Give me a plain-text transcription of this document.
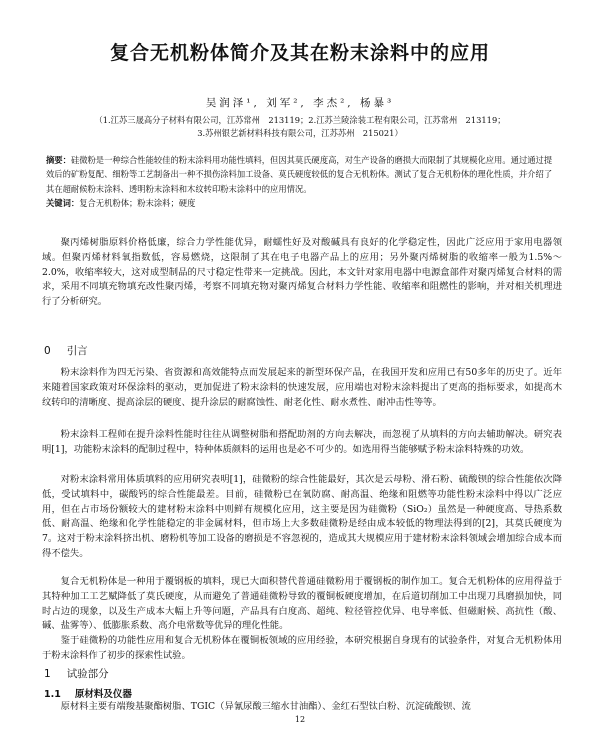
复合无机粉体简介及其在粉末涂料中的应用
吴润泽¹, 刘军², 李杰², 杨暴³
（1.江苏三晟高分子材料有限公司，江苏常州　213119；2.江苏兰陵涂装工程有限公司，江苏常州　213119；
3.苏州银艺新材料科技有限公司，江苏苏州　215021）
摘要：硅微粉是一种综合性能较佳的粉末涂料用功能性填料，但因其莫氏硬度高，对生产设备的磨损大而限制了其规模化应用。通过通过提效后的矿粉复配、细粉等工艺制备出一种不损伤涂料加工设备、莫氏硬度较低的复合无机粉体。测试了复合无机粉体的理化性质，并介绍了其在超耐候粉末涂料、透明粉末涂料和木纹转印粉末涂料中的应用情况。
关键词：复合无机粉体；粉末涂料；硬度
聚丙烯树脂原料价格低廉，综合力学性能优异，耐蠕性好及对酸碱具有良好的化学稳定性，因此广泛应用于家用电器领域。但聚丙烯材料氧指数低，容易燃烧，这限制了其在电子电器产品上的应用；另外聚丙烯树脂的收缩率一般为1.5%～2.0%，收缩率较大，这对成型制品的尺寸稳定性带来一定挑战。因此，本文针对家用电器中电源盒部件对聚丙烯复合材料的需求，采用不同填充物填充改性聚丙烯，考察不同填充物对聚丙烯复合材料力学性能、收缩率和阻燃性的影响，并对相关机理进行了分析研究。
0 引言
粉末涂料作为四无污染、省资源和高效能特点而发展起来的新型环保产品，在我国开发和应用已有50多年的历史了。近年来随着国家政策对环保涂料的驱动，更加促进了粉末涂料的快速发展，应用端也对粉末涂料提出了更高的指标要求，如提高木纹转印的清晰度、提高涂层的硬度、提升涂层的耐腐蚀性、耐老化性、耐水煮性、耐冲击性等等。
粉末涂料工程师在提升涂料性能时往往从调整树脂和搭配助剂的方向去解决，而忽视了从填料的方向去辅助解决。研究表明[1]，功能粉末涂料的配制过程中，特种体质颜料的运用也是必不可少的。如选用得当能够赋予粉末涂料特殊的功效。
对粉末涂料常用体质填料的应用研究表明[1]，硅微粉的综合性能最好，其次是云母粉、滑石粉、硫酸钡的综合性能依次降低，受试填料中，碳酸钙的综合性能最差。目前，硅微粉已在氧防腐、耐高温、绝缘和阻燃等功能性粉末涂料中得以广泛应用，但在占市场份额较大的建材粉末涂料中则鲜有规模化应用，这主要是因为硅微粉（SiO₂）虽然是一种硬度高、导热系数低、耐高温、绝缘和化学性能稳定的非金属材料，但市场上大多数硅微粉是经由成本较低的物理法得到的[2]，其莫氏硬度为7。这对于粉末涂料挤出机、磨粉机等加工设备的磨损是不容忽视的，造成其大规模应用于建材粉末涂料领域会增加综合成本而得不偿失。
复合无机粉体是一种用于覆钢板的填料，现已大面积替代普通硅微粉用于覆钢板的制作加工。复合无机粉体的应用得益于其特种加工工艺赋降低了莫氏硬度，从而避免了普通硅微粉导致的覆铜板硬度增加，在后道切削加工中出现刀具磨损加快，同时占边的现象，以及生产成本大幅上升等问题，产品具有白度高、超纯、粒径管控优异、电导率低、但磁耐候、高抗性（酸、碱、盐雾等）、低膨胀系数、高介电常数等优异的理化性能。
鉴于硅微粉的功能性应用和复合无机粉体在覆铜板领域的应用经验，本研究根据自身现有的试验条件，对复合无机粉体用于粉末涂料作了初步的探索性试验。
1 试验部分
1.1 原材料及仪器
原材料主要有端羧基聚酯树脂、TGIC（异氰尿酸三缩水甘油酯）、金红石型钛白粉、沉淀硫酸钡、流
12
